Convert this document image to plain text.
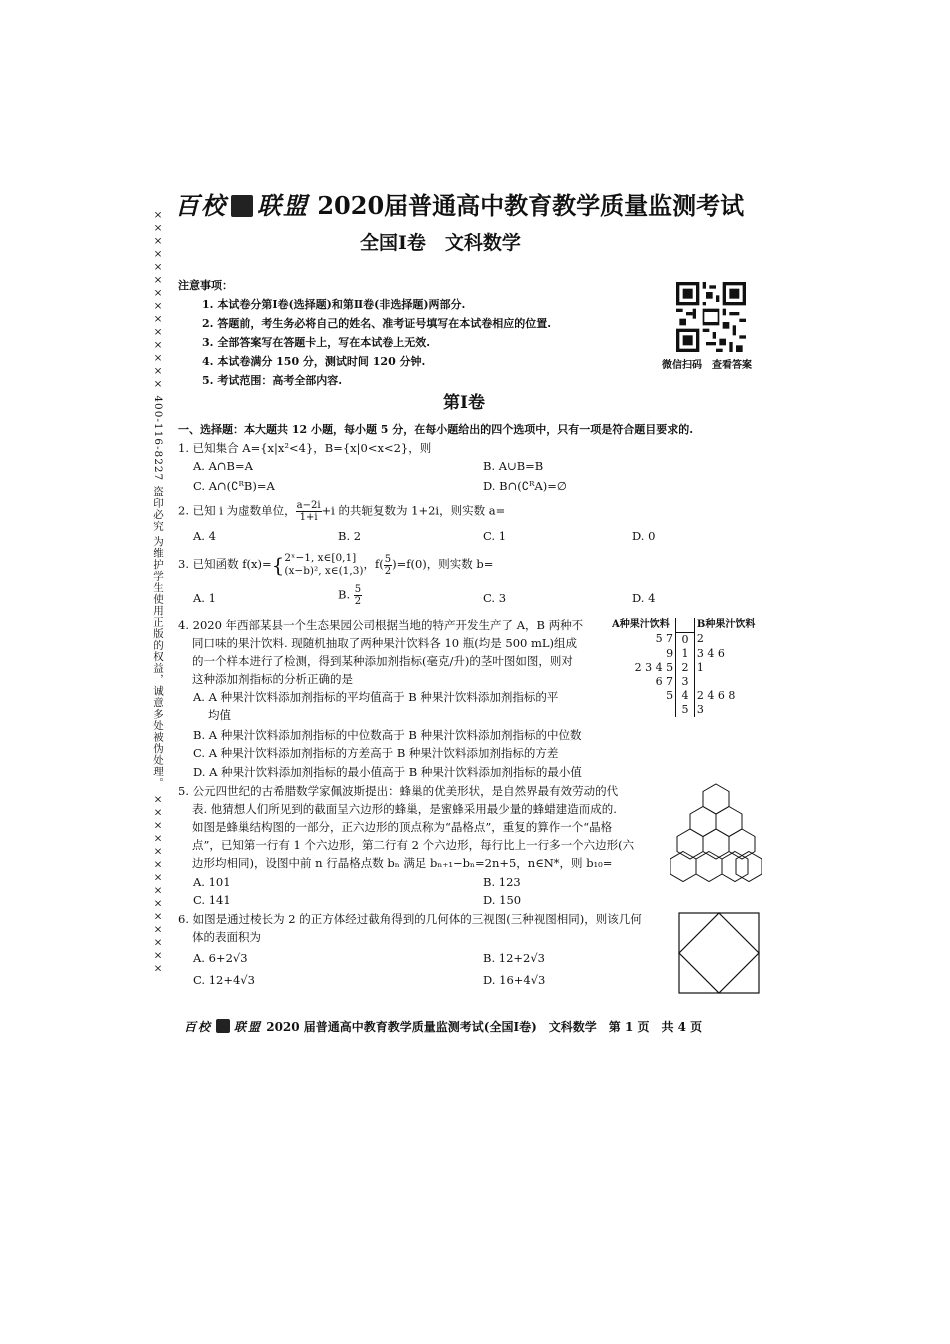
×××××××××××××× 400-116-8227 盗印必究 为维护学生使用正版的权益，诚意多处被伪处理。 ××××××××××××××
百校 联盟 2020届普通高中教育教学质量监测考试
全国Ⅰ卷　文科数学
注意事项：
1. 本试卷分第Ⅰ卷(选择题)和第Ⅱ卷(非选择题)两部分.
2. 答题前，考生务必将自己的姓名、准考证号填写在本试卷相应的位置.
3. 全部答案写在答题卡上，写在本试卷上无效.
4. 本试卷满分 150 分，测试时间 120 分钟.
5. 考试范围：高考全部内容.
微信扫码　查看答案
第Ⅰ卷
一、选择题：本大题共 12 小题，每小题 5 分，在每小题给出的四个选项中，只有一项是符合题目要求的.
1. 已知集合 A={x|x²<4}，B={x|0<x<2}，则
A. A∩B=A	B. A∪B=B
C. A∩(∁ᴿB)=A	D. B∩(∁ᴿA)=∅
2. 已知 i 为虚数单位， $\frac{a-2i}{1+i} +i$ 的共轭复数为 1+2i，则实数 a=
A. 4	B. 2	C. 1	D. 0
3. 已知函数 f(x)={ 2ˣ−1, x∈[0,1]
(x−b)², x∈(1,3) ，$f( \frac{5}{2} )=f(0)$，则实数 b=
A. 1	B. $\frac{5}{2}$	C. 3	D. 4
4. 2020 年西部某县一个生态果园公司根据当地的特产开发生产了 A，B 两种不
同口味的果汁饮料. 现随机抽取了两种果汁饮料各 10 瓶(均是 500 mL)组成
的一个样本进行了检测，得到某种添加剂指标(毫克/升)的茎叶图如图，则对
这种添加剂指标的分析正确的是
A. A 种果汁饮料添加剂指标的平均值高于 B 种果汁饮料添加剂指标的平
均值
B. A 种果汁饮料添加剂指标的中位数高于 B 种果汁饮料添加剂指标的中位数
C. A 种果汁饮料添加剂指标的方差高于 B 种果汁饮料添加剂指标的方差
D. A 种果汁饮料添加剂指标的最小值高于 B 种果汁饮料添加剂指标的最小值
A种果汁饮料		B种果汁饮料
5 7	0	2
9	1	3 4 6
2 3 4 5	2	1
6 7	3	
5	4	2 4 6 8
	5	3
5. 公元四世纪的古希腊数学家佩波斯提出：蜂巢的优美形状，是自然界最有效劳动的代
表. 他猜想人们所见到的截面呈六边形的蜂巢，是蜜蜂采用最少量的蜂蜡建造而成的.
如图是蜂巢结构图的一部分，正六边形的顶点称为“晶格点”，重复的算作一个“晶格
点”，已知第一行有 1 个六边形，第二行有 2 个六边形，每行比上一行多一个六边形(六
边形均相同)，设图中前 n 行晶格点数 bₙ 满足 bₙ₊₁−bₙ=2n+5，n∈N*，则 b₁₀=
A. 101	B. 123
C. 141	D. 150
6. 如图是通过棱长为 2 的正方体经过截角得到的几何体的三视图(三种视图相同)，则该几何
体的表面积为
A. 6+2√3	B. 12+2√3
C. 12+4√3	D. 16+4√3
百校 联盟 2020 届普通高中教育教学质量监测考试(全国Ⅰ卷)　文科数学　第 1 页　共 4 页
